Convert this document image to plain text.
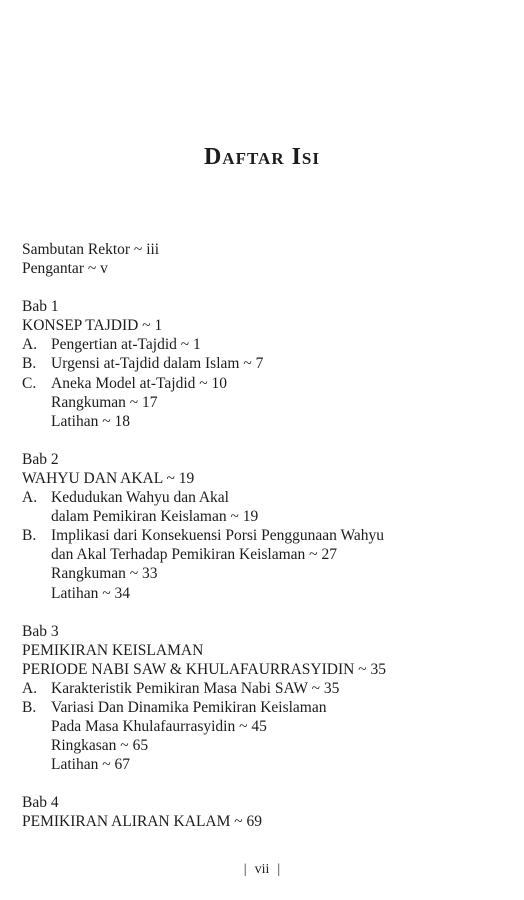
Daftar Isi
Sambutan Rektor ~ iii
Pengantar ~ v
Bab 1
KONSEP TAJDID ~ 1
A. Pengertian at-Tajdid ~ 1
B. Urgensi at-Tajdid dalam Islam ~ 7
C. Aneka Model at-Tajdid ~ 10
Rangkuman ~ 17
Latihan ~ 18
Bab 2
WAHYU DAN AKAL ~ 19
A. Kedudukan Wahyu dan Akal
dalam Pemikiran Keislaman ~ 19
B. Implikasi dari Konsekuensi Porsi Penggunaan Wahyu
dan Akal Terhadap Pemikiran Keislaman ~ 27
Rangkuman ~ 33
Latihan ~ 34
Bab 3
PEMIKIRAN KEISLAMAN
PERIODE NABI SAW & KHULAFAURRASYIDIN ~ 35
A. Karakteristik Pemikiran Masa Nabi SAW ~ 35
B. Variasi Dan Dinamika Pemikiran Keislaman
Pada Masa Khulafaurrasyidin ~ 45
Ringkasan ~ 65
Latihan ~ 67
Bab 4
PEMIKIRAN ALIRAN KALAM ~ 69
| vii |
